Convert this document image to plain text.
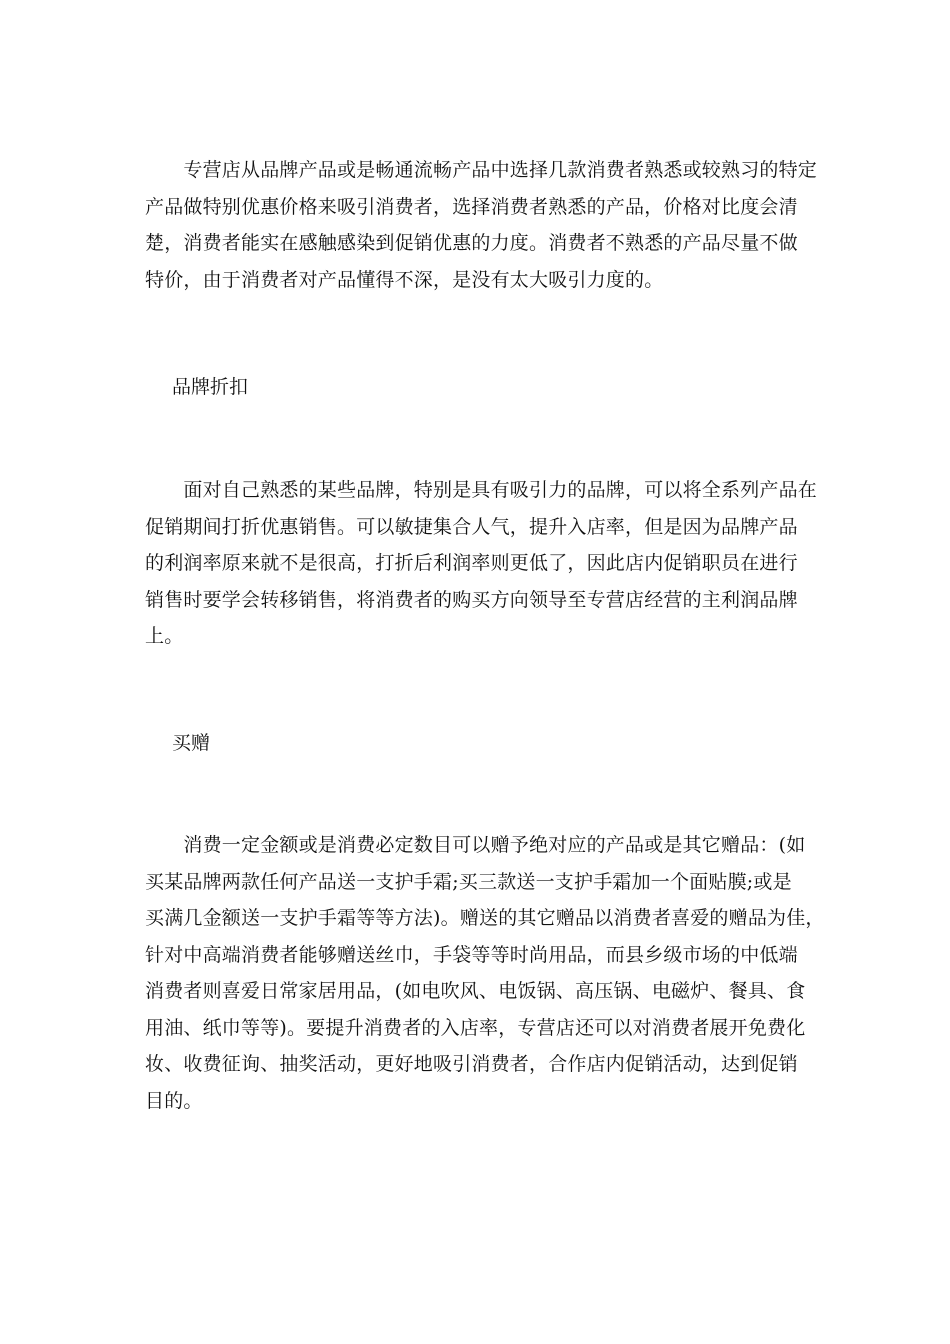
　　专营店从品牌产品或是畅通流畅产品中选择几款消费者熟悉或较熟习的特定
产品做特别优惠价格来吸引消费者，选择消费者熟悉的产品，价格对比度会清
楚，消费者能实在感触感染到促销优惠的力度。消费者不熟悉的产品尽量不做
特价，由于消费者对产品懂得不深，是没有太大吸引力度的。
品牌折扣
　　面对自己熟悉的某些品牌，特别是具有吸引力的品牌，可以将全系列产品在
促销期间打折优惠销售。可以敏捷集合人气，提升入店率，但是因为品牌产品
的利润率原来就不是很高，打折后利润率则更低了，因此店内促销职员在进行
销售时要学会转移销售，将消费者的购买方向领导至专营店经营的主利润品牌
上。
买赠
　　消费一定金额或是消费必定数目可以赠予绝对应的产品或是其它赠品：(如
买某品牌两款任何产品送一支护手霜;买三款送一支护手霜加一个面贴膜;或是
买满几金额送一支护手霜等等方法)。赠送的其它赠品以消费者喜爱的赠品为佳，
针对中高端消费者能够赠送丝巾，手袋等等时尚用品，而县乡级市场的中低端
消费者则喜爱日常家居用品，(如电吹风、电饭锅、高压锅、电磁炉、餐具、食
用油、纸巾等等)。要提升消费者的入店率，专营店还可以对消费者展开免费化
妆、收费征询、抽奖活动，更好地吸引消费者，合作店内促销活动，达到促销
目的。
